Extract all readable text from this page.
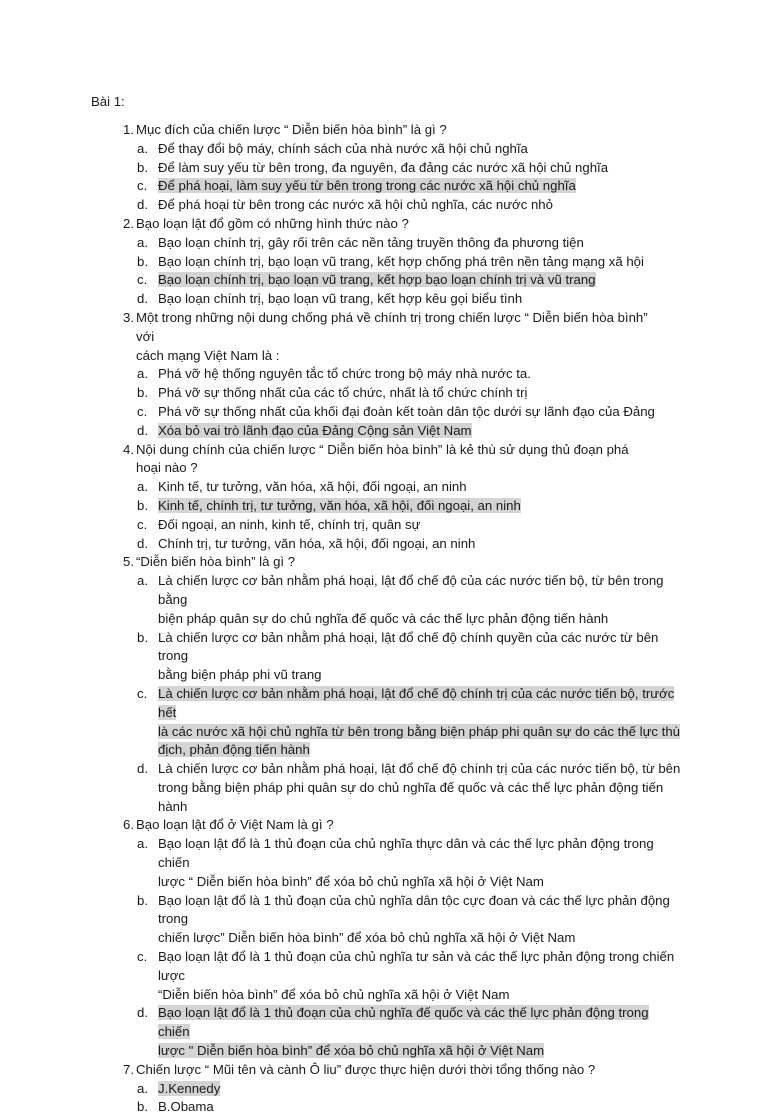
Bài 1:
1. Mục đích của chiến lược “ Diễn biến hòa bình” là gì ?
a. Để thay đổi bộ máy, chính sách của nhà nước xã hội chủ nghĩa
b. Để làm suy yếu từ bên trong, đa nguyên, đa đảng các nước xã hội chủ nghĩa
c. Để phá hoại, làm suy yếu từ bên trong trong các nước xã hội chủ nghĩa
d. Để phá hoại từ bên trong các nước xã hội chủ nghĩa, các nước nhỏ
2. Bạo loạn lật đổ gồm có những hình thức nào ?
a. Bạo loạn chính trị, gây rối trên các nền tảng truyền thông đa phương tiện
b. Bạo loạn chính trị, bạo loạn vũ trang, kết hợp chống phá trên nền tảng mạng xã hội
c. Bạo loạn chính trị, bạo loạn vũ trang, kết hợp bạo loạn chính trị và vũ trang
d. Bạo loạn chính trị, bạo loạn vũ trang, kết hợp kêu gọi biểu tình
3. Một trong những nội dung chống phá về chính trị trong chiến lược “ Diễn biến hòa bình” với
cách mạng Việt Nam là :
a. Phá vỡ hệ thống nguyên tắc tổ chức trong bộ máy nhà nước ta.
b. Phá vỡ sự thống nhất của các tổ chức, nhất là tổ chức chính trị
c. Phá vỡ sự thống nhất của khối đại đoàn kết toàn dân tộc dưới sự lãnh đạo của Đảng
d. Xóa bỏ vai trò lãnh đạo của Đảng Cộng sản Việt Nam
4. Nội dung chính của chiến lược “ Diễn biến hòa bình” là kẻ thù sử dụng thủ đoạn phá hoại nào ?
a. Kinh tế, tư tưởng, văn hóa, xã hội, đối ngoại, an ninh
b. Kinh tế, chính trị, tư tưởng, văn hóa, xã hội, đối ngoại, an ninh
c. Đối ngoại, an ninh, kinh tế, chính trị, quân sự
d. Chính trị, tư tưởng, văn hóa, xã hội, đối ngoại, an ninh
5. “Diễn biến hòa bình” là gì ?
a. Là chiến lược cơ bản nhằm phá hoại, lật đổ chế độ của các nước tiến bộ, từ bên trong bằng
biện pháp quân sự do chủ nghĩa đế quốc và các thế lực phản động tiến hành
b. Là chiến lược cơ bản nhằm phá hoại, lật đổ chế độ chính quyền của các nước từ bên trong
bằng biện pháp phi vũ trang
c. Là chiến lược cơ bản nhằm phá hoại, lật đổ chế độ chính trị của các nước tiến bộ, trước hết
là các nước xã hội chủ nghĩa từ bên trong bằng biện pháp phi quân sự do các thế lực thù
địch, phản động tiến hành
d. Là chiến lược cơ bản nhằm phá hoại, lật đổ chế độ chính trị của các nước tiến bộ, từ bên
trong bằng biện pháp phi quân sự do chủ nghĩa đế quốc và các thế lực phản động tiến hành
6. Bạo loạn lật đổ ở Việt Nam là gì ?
a. Bạo loạn lật đổ là 1 thủ đoạn của chủ nghĩa thực dân và các thế lực phản động trong chiến
lược “ Diễn biến hòa bình” để xóa bỏ chủ nghĩa xã hội ở Việt Nam
b. Bạo loạn lật đổ là 1 thủ đoạn của chủ nghĩa dân tộc cực đoan và các thế lực phản động trong
chiến lược” Diễn biến hòa bình” để xóa bỏ chủ nghĩa xã hội ở Việt Nam
c. Bạo loạn lật đổ là 1 thủ đoạn của chủ nghĩa tư sản và các thế lực phản động trong chiến lược
“Diễn biến hòa bình” để xóa bỏ chủ nghĩa xã hội ở Việt Nam
d. Bạo loạn lật đổ là 1 thủ đoạn của chủ nghĩa đế quốc và các thế lực phản động trong chiến
lược " Diễn biến hòa bình” để xóa bỏ chủ nghĩa xã hội ở Việt Nam
7. Chiến lược “ Mũi tên và cành Ô liu” được thực hiện dưới thời tổng thống nào ?
a. J.Kennedy
b. B.Obama
